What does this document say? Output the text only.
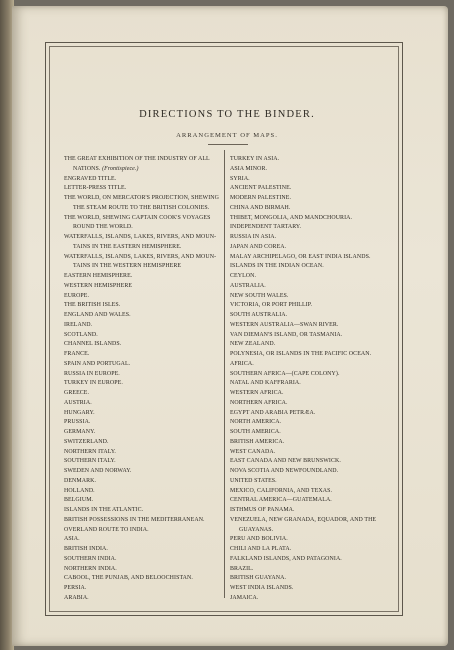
DIRECTIONS TO THE BINDER.
ARRANGEMENT OF MAPS.
THE GREAT EXHIBITION OF THE INDUSTRY OF ALL
NATIONS. (Frontispiece.)
ENGRAVED TITLE.
LETTER-PRESS TITLE.
THE WORLD, ON MERCATOR'S PROJECTION, SHEWING
THE STEAM ROUTE TO THE BRITISH COLONIES.
THE WORLD, SHEWING CAPTAIN COOK'S VOYAGES
ROUND THE WORLD.
WATERFALLS, ISLANDS, LAKES, RIVERS, AND MOUN-
TAINS IN THE EASTERN HEMISPHERE.
WATERFALLS, ISLANDS, LAKES, RIVERS, AND MOUN-
TAINS IN THE WESTERN HEMISPHERE
EASTERN HEMISPHERE.
WESTERN HEMISPHERE
EUROPE.
THE BRITISH ISLES.
ENGLAND AND WALES.
IRELAND.
SCOTLAND.
CHANNEL ISLANDS.
FRANCE.
SPAIN AND PORTUGAL.
RUSSIA IN EUROPE.
TURKEY IN EUROPE.
GREECE.
AUSTRIA.
HUNGARY.
PRUSSIA.
GERMANY.
SWITZERLAND.
NORTHERN ITALY.
SOUTHERN ITALY.
SWEDEN AND NORWAY.
DENMARK.
HOLLAND.
BELGIUM.
ISLANDS IN THE ATLANTIC.
BRITISH POSSESSIONS IN THE MEDITERRANEAN.
OVERLAND ROUTE TO INDIA.
ASIA.
BRITISH INDIA.
SOUTHERN INDIA.
NORTHERN INDIA.
CABOOL, THE PUNJAB, AND BELOOCHISTAN.
PERSIA.
ARABIA.
TURKEY IN ASIA.
ASIA MINOR.
SYRIA.
ANCIENT PALESTINE.
MODERN PALESTINE.
CHINA AND BIRMAH.
THIBET, MONGOLIA, AND MANDCHOURIA.
INDEPENDENT TARTARY.
RUSSIA IN ASIA.
JAPAN AND COREA.
MALAY ARCHIPELAGO, OR EAST INDIA ISLANDS.
ISLANDS IN THE INDIAN OCEAN.
CEYLON.
AUSTRALIA.
NEW SOUTH WALES.
VICTORIA, OR PORT PHILLIP.
SOUTH AUSTRALIA.
WESTERN AUSTRALIA—SWAN RIVER.
VAN DIEMAN'S ISLAND, OR TASMANIA.
NEW ZEALAND.
POLYNESIA, OR ISLANDS IN THE PACIFIC OCEAN.
AFRICA.
SOUTHERN AFRICA—(CAPE COLONY).
NATAL AND KAFFRARIA.
WESTERN AFRICA.
NORTHERN AFRICA.
EGYPT AND ARABIA PETRÆA.
NORTH AMERICA.
SOUTH AMERICA.
BRITISH AMERICA.
WEST CANADA.
EAST CANADA AND NEW BRUNSWICK.
NOVA SCOTIA AND NEWFOUNDLAND.
UNITED STATES.
MEXICO, CALIFORNIA, AND TEXAS.
CENTRAL AMERICA—GUATEMALA.
ISTHMUS OF PANAMA.
VENEZUELA, NEW GRANADA, EQUADOR, AND THE
GUAYANAS.
PERU AND BOLIVIA.
CHILI AND LA PLATA.
FALKLAND ISLANDS, AND PATAGONIA.
BRAZIL.
BRITISH GUAYANA.
WEST INDIA ISLANDS.
JAMAICA.
